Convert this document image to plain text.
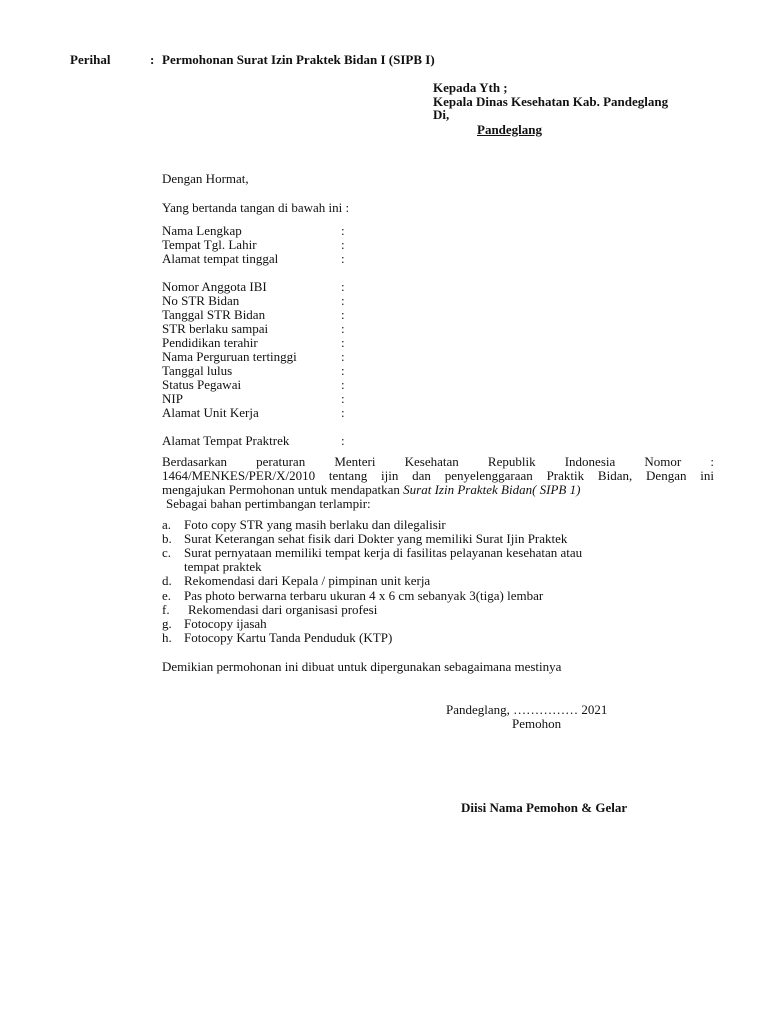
Perihal	: Permohonan Surat Izin Praktek Bidan I (SIPB I)
Kepada Yth ;
Kepala Dinas Kesehatan Kab. Pandeglang
Di,
Pandeglang
Dengan Hormat,
Yang bertanda tangan di bawah ini :
Nama Lengkap	:
Tempat Tgl. Lahir	:
Alamat tempat tinggal	:
Nomor Anggota IBI	:
No STR Bidan	:
Tanggal STR Bidan	:
STR berlaku sampai	:
Pendidikan terahir	:
Nama Perguruan tertinggi	:
Tanggal lulus	:
Status Pegawai	:
NIP	:
Alamat Unit Kerja	:
Alamat Tempat Praktrek	:
Berdasarkan peraturan Menteri Kesehatan Republik Indonesia Nomor :
1464/MENKES/PER/X/2010 tentang ijin dan penyelenggaraan Praktik Bidan, Dengan ini
mengajukan Permohonan untuk mendapatkan Surat Izin Praktek Bidan( SIPB 1)
Sebagai bahan pertimbangan terlampir:
a. Foto copy STR yang masih berlaku dan dilegalisir
b. Surat Keterangan sehat fisik dari Dokter yang memiliki Surat Ijin Praktek
c. Surat pernyataan memiliki tempat kerja di fasilitas pelayanan kesehatan atau
tempat praktek
d. Rekomendasi dari Kepala / pimpinan unit kerja
e. Pas photo berwarna terbaru ukuran 4 x 6 cm sebanyak 3(tiga) lembar
f. Rekomendasi dari organisasi profesi
g. Fotocopy ijasah
h. Fotocopy Kartu Tanda Penduduk (KTP)
Demikian permohonan ini dibuat untuk dipergunakan sebagaimana mestinya
Pandeglang, …………… 2021
Pemohon
Diisi Nama Pemohon & Gelar
